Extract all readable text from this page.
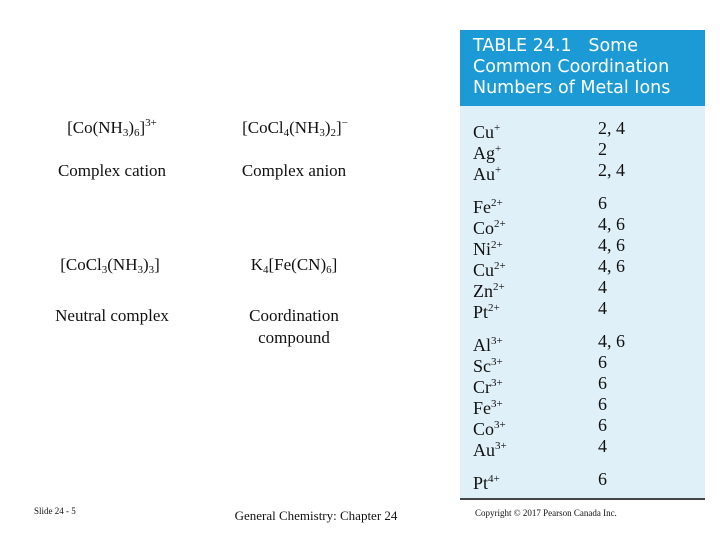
$[Co(NH_3)_6]^{3+}$	$[CoCl_4(NH_3)_2]^-$
Complex cation	Complex anion
$[CoCl_3(NH_3)_3]$	$K_4[Fe(CN)_6]$
Neutral complex	Coordination
compound
TABLE 24.1   Some
Common Coordination
Numbers of Metal Ions
Cu+	2, 4
Ag+	2
Au+	2, 4
$Fe^{2+}$	6
$Co^{2+}$	4, 6
$Ni^{2+}$	4, 6
$Cu^{2+}$	4, 6
$Zn^{2+}$	4
$Pt^{2+}$	4
$Al^{3+}$	4, 6
$Sc^{3+}$	6
$Cr^{3+}$	6
$Fe^{3+}$	6
$Co^{3+}$	6
$Au^{3+}$	4
$Pt^{4+}$	6
Slide 24 - 5	General Chemistry: Chapter 24	Copyright © 2017 Pearson Canada Inc.
